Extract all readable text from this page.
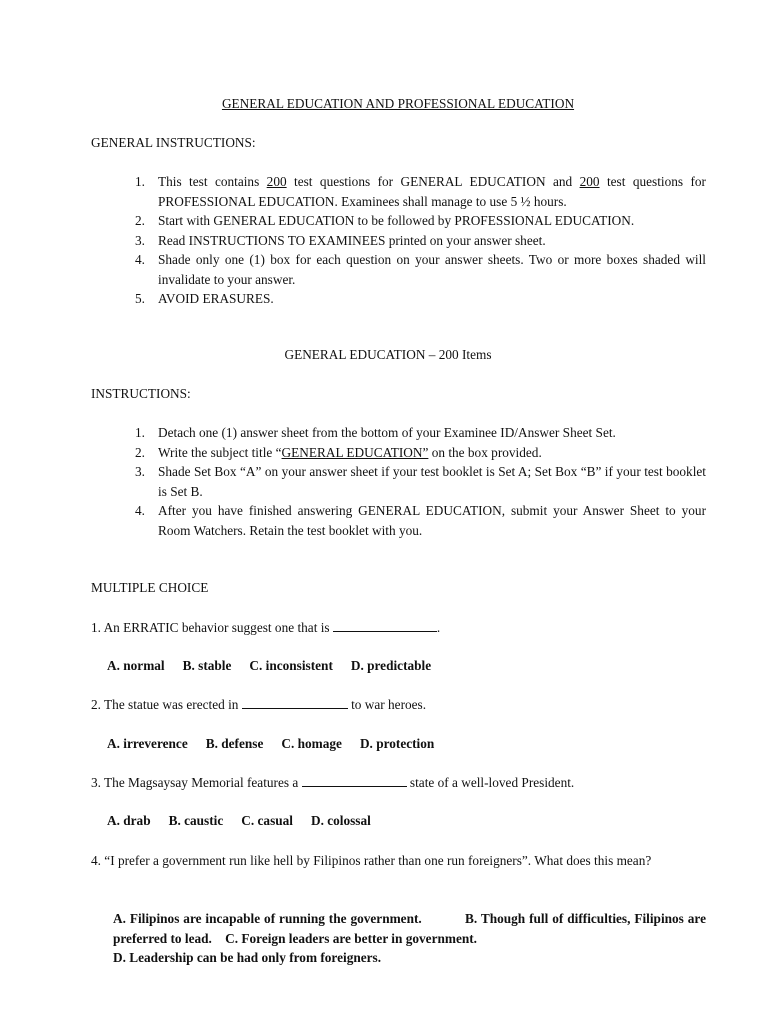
GENERAL EDUCATION AND PROFESSIONAL EDUCATION
GENERAL INSTRUCTIONS:
1. This test contains 200 test questions for GENERAL EDUCATION and 200 test questions for PROFESSIONAL EDUCATION. Examinees shall manage to use 5 ½ hours.
2. Start with GENERAL EDUCATION to be followed by PROFESSIONAL EDUCATION.
3. Read INSTRUCTIONS TO EXAMINEES printed on your answer sheet.
4. Shade only one (1) box for each question on your answer sheets. Two or more boxes shaded will invalidate to your answer.
5. AVOID ERASURES.
GENERAL EDUCATION – 200 Items
INSTRUCTIONS:
1. Detach one (1) answer sheet from the bottom of your Examinee ID/Answer Sheet Set.
2. Write the subject title “GENERAL EDUCATION” on the box provided.
3. Shade Set Box “A” on your answer sheet if your test booklet is Set A; Set Box “B” if your test booklet is Set B.
4. After you have finished answering GENERAL EDUCATION, submit your Answer Sheet to your Room Watchers. Retain the test booklet with you.
MULTIPLE CHOICE
1. An ERRATIC behavior suggest one that is	.
A. normal B. stable C. inconsistent D. predictable
2. The statue was erected in	to war heroes.
A. irreverence B. defense C. homage D. protection
3. The Magsaysay Memorial features a	state of a well-loved President.
A. drab B. caustic C. casual D. colossal
4. “I prefer a government run like hell by Filipinos rather than one run foreigners”. What does this mean?
A. Filipinos are incapable of running the government.	B. Though full of difficulties, Filipinos are preferred to lead. C. Foreign leaders are better in government.
D. Leadership can be had only from foreigners.
